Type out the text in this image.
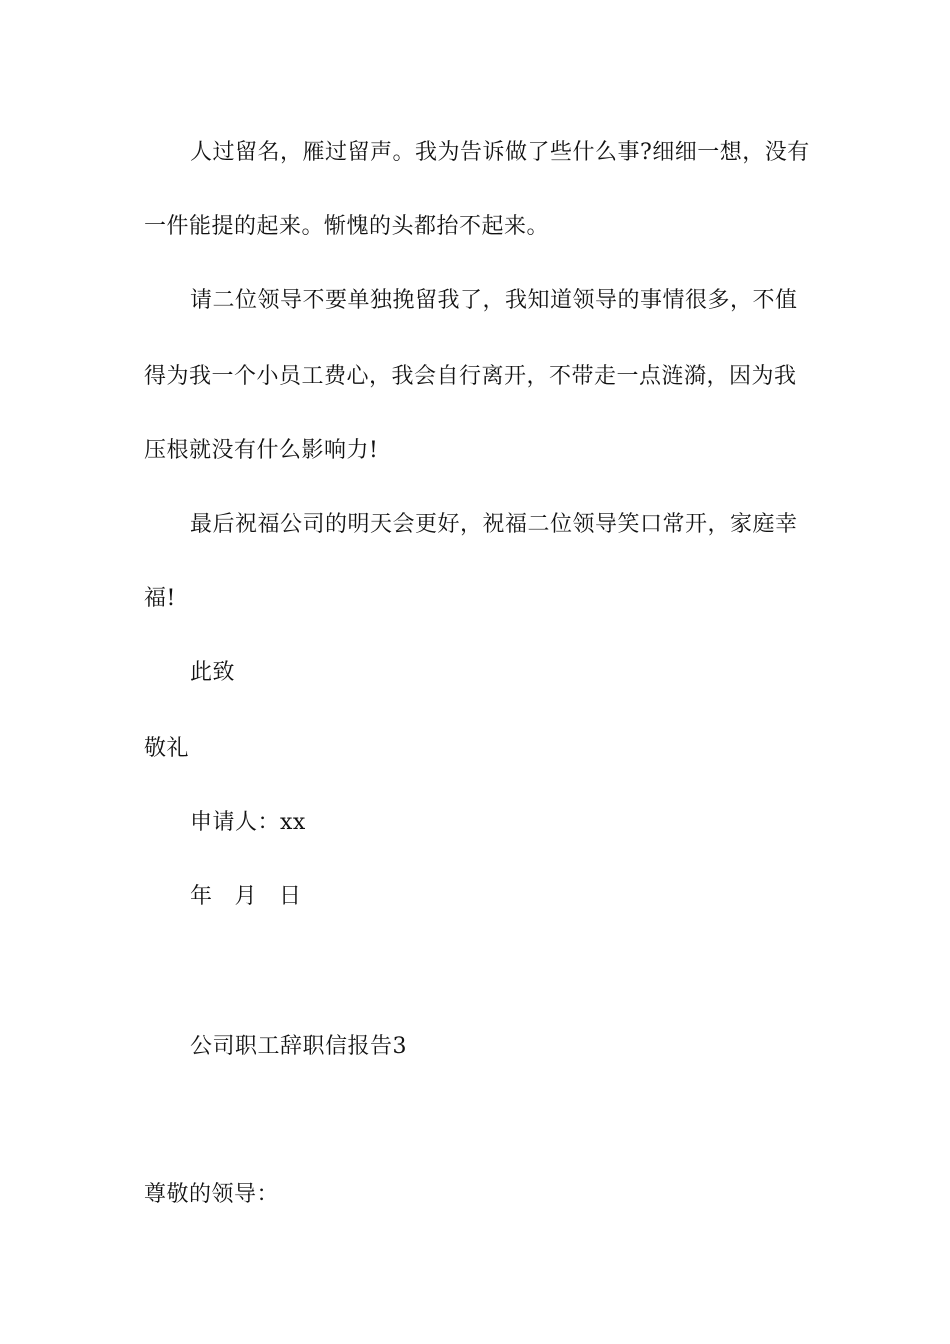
人过留名，雁过留声。我为告诉做了些什么事?细细一想，没有
一件能提的起来。惭愧的头都抬不起来。
请二位领导不要单独挽留我了，我知道领导的事情很多，不值
得为我一个小员工费心，我会自行离开，不带走一点涟漪，因为我
压根就没有什么影响力!
最后祝福公司的明天会更好，祝福二位领导笑口常开，家庭幸
福!
此致
敬礼
申请人：xx
年 月 日
公司职工辞职信报告3
尊敬的领导：
